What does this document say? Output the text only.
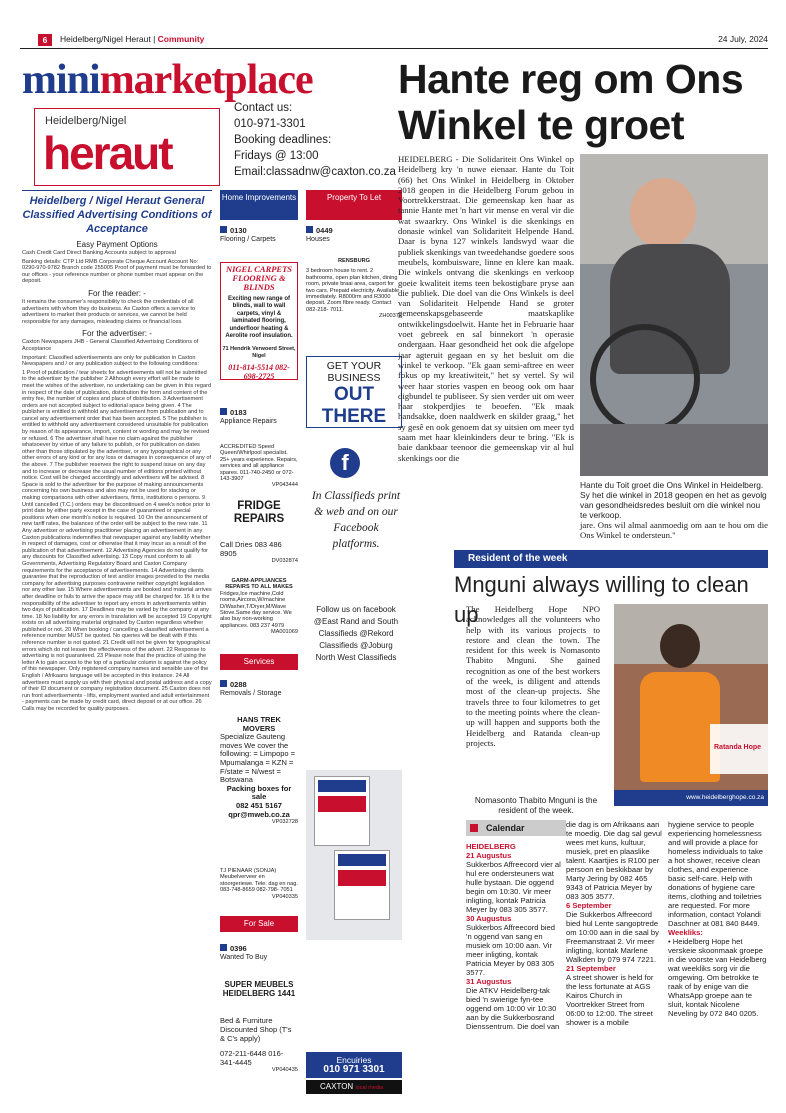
6	Heidelberg/Nigel Heraut | Community	24 July, 2024
minimarketplace
Heidelberg/Nigel
heraut
Contact us:
010-971-3301
Booking deadlines:
Fridays @ 13:00
Email:classadnw@caxton.co.za
Heidelberg / Nigel Heraut General Classified Advertising Conditions of Acceptance
Easy Payment Options

Cash Credit Card Direct Banking Accounts subject to approval

Banking details: CTP Ltd RMB Corporate Cheque Account Account No: 0290-970-9782 Branch code 255005 Proof of payment must be forwarded to our offices - your reference number or phone number must appear on the deposit.

For the reader: -

It remains the consumer's responsibility to check the credentials of all advertisers with whom they do business. As Caxton offers a service to advertisers to market their products or services, we cannot be held responsible for any damages, misleading claims or financial loss.

For the advertiser: -

Caxton Newspapers JHB - General Classified Advertising Conditions of Acceptance

Important: Classified advertisements are only for publication in Caxton Newspapers and / or any publication subject to the following conditions:

1 Proof of publication / tear sheets for advertisements will not be submitted to the advertiser by the publisher 2 Although every effort will be made to meet the wishes of the advertiser, no undertaking can be given in this regard in respect of the date of publication, distribution the form and content of the entry fee, the number of copies and place of distribution. 3 Advertisement orders are not accepted subject to editorial space being given. 4 The publisher is entitled to withhold any advertisement from publication and to cancel any advertisement order that has been accepted. 5 The publisher is entitled to withhold any advertisement considered unsuitable for publication by reason of its appearance, import, content or wording and may be revised or refused. 6 The advertiser shall have no claim against the publisher whatsoever by virtue of any failure to publish, or for publication on dates other than those stipulated by the advertiser, or any typographical or any other errors of any kind or for any loss or damages in consequence of any of the above. 7 The publisher reserves the right to suspend issue on any day and to increase or decrease the usual number of editions printed without notice. Cost will be charged accordingly and advertisers will be advised. 8 Space is sold to the advertiser for the purpose of making announcements concerning his own business and also may not be used for stacking or making comparisons with other advertisers, firms, institutions o persons. 9 Until cancelled (T.C.) orders may be discontinued on 4 week's notice prior to print date by either party except in the case of guaranteed or special positions when one month's notice is required. 10 On the announcement of new tariff rates, the balances of the order will be subject to the new rate. 11 Any advertiser or advertising practitioner placing an advertisement in any Caxton publications indemnifies that newspaper against any liability whether in respect of damages, cost or otherwise that it may incur as a result of the publication of that advertisement. 12 Advertising Agencies do not qualify for any discounts for Classified advertising. 13 Copy must conform to all Governments, Advertising Regulatory Board and Caxton Company requirements for the acceptance of advertisements. 14 Advertising clients guarantee that the reproduction of text and/or images provided to the media company for advertising purposes contravene neither copyright legislation nor any other law. 15 Where advertisements are booked and material arrives after deadline or fails to arrive the space may still be charged for. 16 It is the responsibility of the advertiser to report any errors in advertisements within two days of publication. 17 Deadlines may be varied by the company at any time. 18 No liability for any errors in translation will be accepted 19 Copyright exists on all advertising material originated by Caxton regardless whether published or not. 20 When booking / cancelling a classified advertisement a reference number MUST be quoted. No queries will be dealt with if this reference number is not quoted. 21 Credit will not be given for typographical errors which do not lessen the effectiveness of the advert. 22 Response to advertising is not guaranteed. 23 Please note that the practice of using the letter A to gain access to the top of a particular column is against the policy of this newspaper. Only registered company names and sensible use of the English / Afrikaans language will be accepted in this instance. 24 All advertisers must supply us with their physical and postal address and a copy of their ID document or company registration document. 25 Caxton does not run front advertisements - lifts, employment wanted and adult entertainment - payments can be made by credit card, direct deposit or at our office. 26 Calls may be recorded for quality purposes.

Home Improvements
0130
Flooring / Carpets
NIGEL CARPETS FLOORING & BLINDS
Exciting new range of blinds, wall to wall carpets, vinyl & laminated flooring, underfloor heating & Aerolite roof insulation.
71 Hendrik Verwoerd Street, Nigel
011-814-5514 082-698-2725
0183
Appliance Repairs
ACCREDITED Speed Queen/Whirlpool specialist. 25+ years experience. Repairs, services and all appliance spares. 011-740-2450 or 072-143-3907
VP043444
FRIDGE REPAIRS
Call Dries 083 486 8905
DV032874
GARM-APPLIANCES REPAIRS TO ALL MAKES
Fridges,Ice machine,Cold rooms,Aircons,W/machine D/Washer,T/Dryer,M/Wave Stove.Same day service. We also buy non-working appliances. 083 237 4979
MA001069
Services
0288
Removals / Storage
HANS TREK MOVERS
Specialize Gauteng moves We cover the following: = Limpopo = Mpumalanga = KZN = F/state = N/west = Botswana
Packing boxes for sale
082 451 5167 qpr@mweb.co.za
VP032728
TJ PIENAAR (SONJA) Meubelverveer en stoorgeriewe. Tele. dag en nag. 083-748-8659 082-798- 7051
VP040335
For Sale
0396
Wanted To Buy
SUPER MEUBELS HEIDELBERG 1441
Bed & Furniture Discounted Shop (T's & C's apply)
072-211-6448 016-341-4445
VP040435
Property To Let
0449
Houses
RENSBURG
3 bedroom house to rent. 2 bathrooms, open plan kitchen, dining room, private braai area, carport for two cars. Prepaid electricity. Available immediately. R8000rm and R3000 deposit. Zoom fibre ready. Contact 082-218- 7011.
ZH00372
GET YOUR BUSINESS
OUT THERE
f
In Classifieds print & web and on our Facebook platforms.
Follow us on facebook @East Rand and South Classifieds @Rekord Classifieds @Joburg North West Classifieds
Encuiries
010 971 3301
CAXTON local media
Hante reg om Ons Winkel te groet
HEIDELBERG - Die Solidariteit Ons Winkel op Heidelberg kry 'n nuwe eienaar. Hante du Toit (66) het Ons Winkel in Heidelberg in Oktober 2018 geopen in die Heidelberg Forum gebou in Voortrekkerstraat. Die gemeenskap ken haar as tannie Hante met 'n hart vir mense en veral vir die wat swaarkry. Ons Winkel is die skenkings en donasie winkel van Solidariteit Helpende Hand. Daar is byna 127 winkels landswyd waar die publiek skenkings van tweedehandse goedere soos meubels, kombuisware, linne en klere kan maak. Die winkels ontvang die skenkings en verkoop goeie kwaliteit items teen bekostigbare pryse aan die publiek. Die doel van die Ons Winkels is deel van Solidariteit Helpende Hand se groter gemeenskapsgebaseerde maatskaplike ontwikkelingsdoelwit. Hante het in Februarie haar voet gebreek en sal binnekort 'n operasie ondergaan. Haar gesondheid het ook die afgelope jaar agteruit gegaan en sy het besluit om die winkel te verkoop. "Ek gaan semi-aftree en weer fokus op my kreatiwiteit," het sy vertel. Sy wil weer haar stories vaspen en beoog ook om haar digbundel te publiseer. Sy sien verder uit om weer haar stokperdjies te beoefen. "Ek maak handsakke, doen naaldwerk en skilder graag," het sy gesê en ook genoem dat sy uitsien om meer tyd saam met haar kleinkinders deur te bring. "Ek is baie dankbaar teenoor die gemeenskap vir al hul skenkings oor die
Hante du Toit groet die Ons Winkel in Heidelberg. Sy het die winkel in 2018 geopen en het as gevolg van gesondheidsredes besluit om die winkel nou te verkoop.
jare. Ons wil almal aanmoedig om aan te hou om die Ons Winkel te ondersteun."
Resident of the week
Mnguni always willing to clean up
The Heidelberg Hope NPO acknowledges all the volunteers who help with its various projects to restore and clean the town. The resident for this week is Nomasonto Thabito Mnguni. She gained recognition as one of the best workers of the week, is diligent and attends most of the clean-up projects. She travels three to four kilometres to get to the meeting points where the clean-up will happen and supports both the Heidelberg and Ratanda clean-up projects.
Nomasonto Thabito Mnguni is the resident of the week.
Ratanda Hope
www.heidelberghope.co.za
Calendar
HEIDELBERG
21 Augustus
Sukkerbos Affreecord vier al hul ere ondersteuners wat hulle bystaan. Die oggend begin om 10:30. Vir meer inligting, kontak Patricia Meyer by 083 305 3577.
30 Augustus
Sukkerbos Affreecord bied 'n oggend van sang en musiek om 10:00 aan. Vir meer inligting, kontak Patricia Meyer by 083 305 3577.
31 Augustus
Die ATKV Heidelberg-tak bied 'n swierige fyn-tee oggend om 10:00 vir 10:30 aan by die Sukkerbosrand Dienssentrum. Die doel van
die dag is om Afrikaans aan te moedig. Die dag sal gevul wees met kuns, kultuur, musiek, pret en plaaslike talent. Kaartjies is R100 per persoon en beskikbaar by Marty Jering by 082 465 9343 of Patricia Meyer by 083 305 3577.
6 September
Die Sukkerbos Affreecord bied hul Lente sangoptrede om 10:00 aan in die saal by Freemanstraat 2. Vir meer inligting, kontak Marlene Walkden by 079 974 7221.
21 September
A street shower is held for the less fortunate at AGS Kairos Church in Voortrekker Street from 06:00 to 12:00. The street shower is a mobile
hygiene service to people experiencing homelessness and will provide a place for homeless individuals to take a hot shower, receive clean clothes, and experience basic self-care. Help with donations of hygiene care items, clothing and toiletries are requested. For more information, contact Yolandi Daschner at 081 840 8449.
Weekliks:
• Heidelberg Hope het verskeie skoonmaak groepe in die voorste van Heidelberg wat weekliks sorg vir die omgewing. Om betrokke te raak of by enige van die WhatsApp groepe aan te sluit, kontak Nicolene Neveling by 072 840 0205.
